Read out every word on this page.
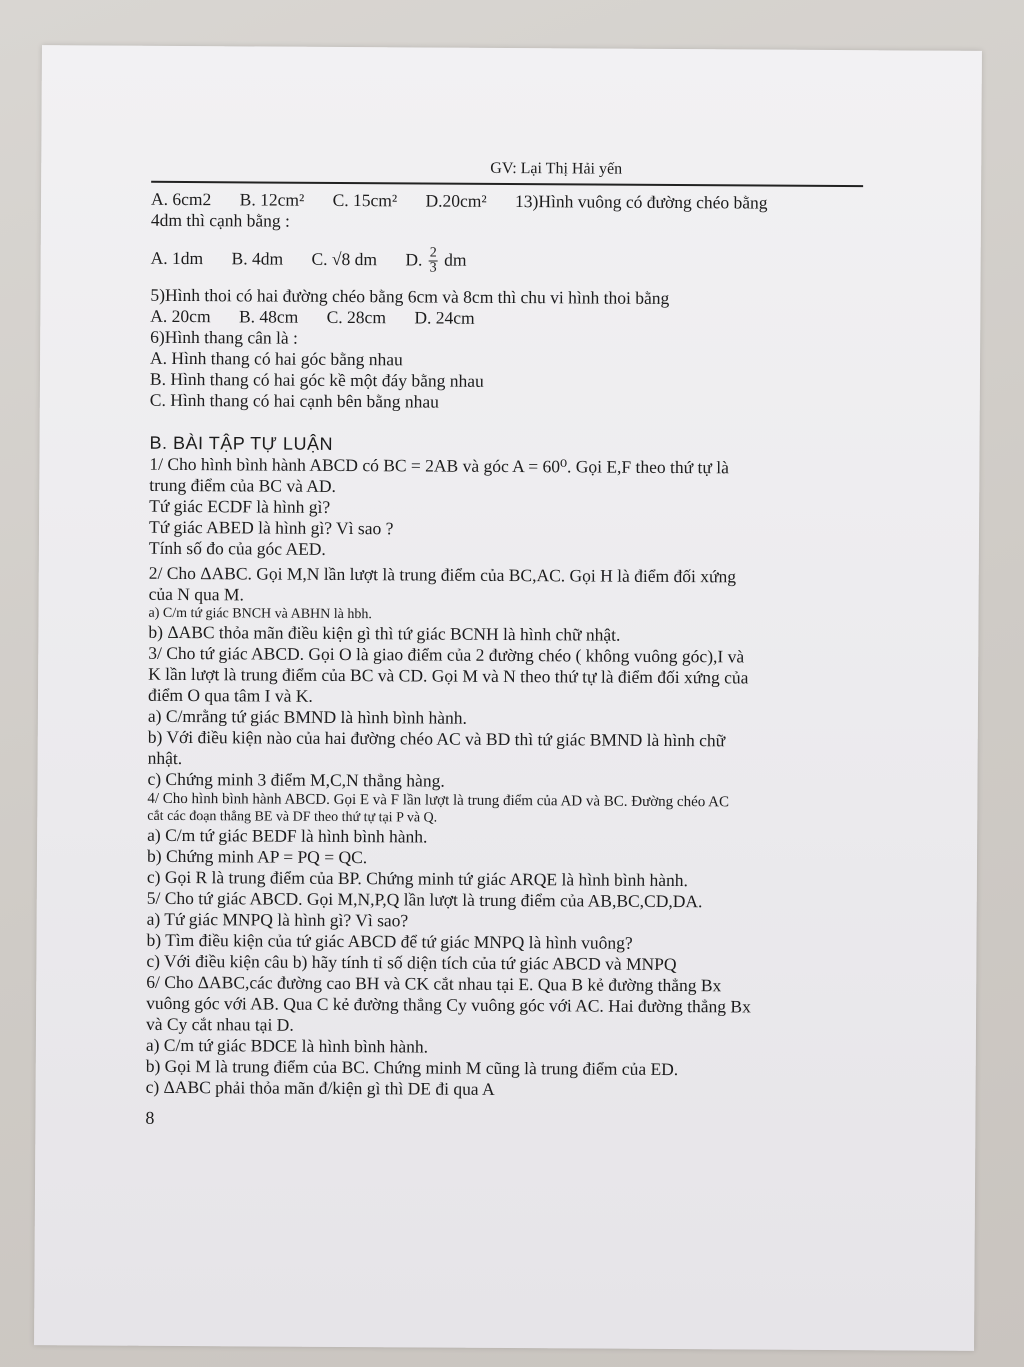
GV: Lại Thị Hải yến
A. 6cm2 B. 12cm² C. 15cm² D.20cm² 13)Hình vuông có đường chéo bằng
4dm thì cạnh bằng :
A. 1dm B. 4dm C. √8 dm D. $\frac{2}{3}$ dm
5)Hình thoi có hai đường chéo bằng 6cm và 8cm thì chu vi hình thoi bằng
A. 20cm B. 48cm C. 28cm D. 24cm
6)Hình thang cân là :
A. Hình thang có hai góc bằng nhau
B. Hình thang có hai góc kề một đáy bằng nhau
C. Hình thang có hai cạnh bên bằng nhau
B. BÀI TẬP TỰ LUẬN
1/ Cho hình bình hành ABCD có BC = 2AB và góc A = 60⁰. Gọi E,F theo thứ tự là
trung điểm của BC và AD.
Tứ giác ECDF là hình gì?
Tứ giác ABED là hình gì? Vì sao ?
Tính số đo của góc AED.
2/ Cho ΔABC. Gọi M,N lần lượt là trung điểm của BC,AC. Gọi H là điểm đối xứng
của N qua M.
a) C/m tứ giác BNCH và ABHN là hbh.
b) ΔABC thỏa mãn điều kiện gì thì tứ giác BCNH là hình chữ nhật.
3/ Cho tứ giác ABCD. Gọi O là giao điểm của 2 đường chéo ( không vuông góc),I và
K lần lượt là trung điểm của BC và CD. Gọi M và N theo thứ tự là điểm đối xứng của
điểm O qua tâm I và K.
a) C/mrằng tứ giác BMND là hình bình hành.
b) Với điều kiện nào của hai đường chéo AC và BD thì tứ giác BMND là hình chữ
nhật.
c) Chứng minh 3 điểm M,C,N thẳng hàng.
4/ Cho hình bình hành ABCD. Gọi E và F lần lượt là trung điểm của AD và BC. Đường chéo AC
cắt các đoạn thẳng BE và DF theo thứ tự tại P và Q.
a) C/m tứ giác BEDF là hình bình hành.
b) Chứng minh AP = PQ = QC.
c) Gọi R là trung điểm của BP. Chứng minh tứ giác ARQE là hình bình hành.
5/ Cho tứ giác ABCD. Gọi M,N,P,Q lần lượt là trung điểm của AB,BC,CD,DA.
a) Tứ giác MNPQ là hình gì? Vì sao?
b) Tìm điều kiện của tứ giác ABCD để tứ giác MNPQ là hình vuông?
c) Với điều kiện câu b) hãy tính tỉ số diện tích của tứ giác ABCD và MNPQ
6/ Cho ΔABC,các đường cao BH và CK cắt nhau tại E. Qua B kẻ đường thẳng Bx
vuông góc với AB. Qua C kẻ đường thẳng Cy vuông góc với AC. Hai đường thẳng Bx
và Cy cắt nhau tại D.
a) C/m tứ giác BDCE là hình bình hành.
b) Gọi M là trung điểm của BC. Chứng minh M cũng là trung điểm của ED.
c) ΔABC phải thỏa mãn đ/kiện gì thì DE đi qua A
8
